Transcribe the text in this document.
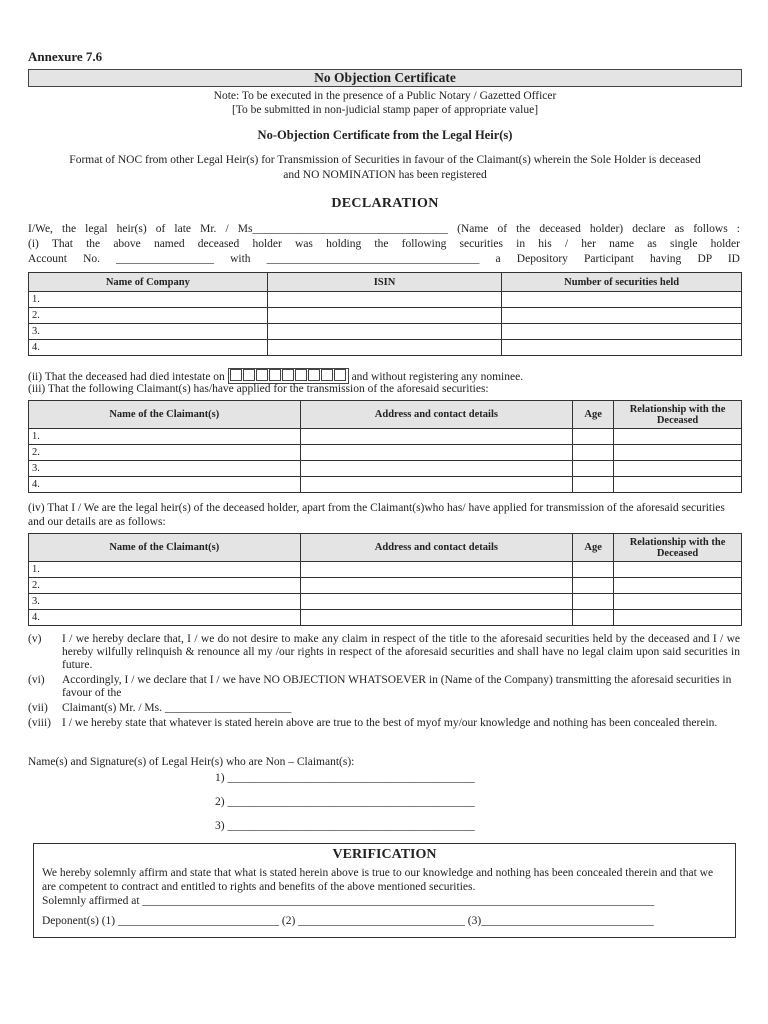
Annexure 7.6
No Objection Certificate
Note: To be executed in the presence of a Public Notary / Gazetted Officer
[To be submitted in non-judicial stamp paper of appropriate value]
No-Objection Certificate from the Legal Heir(s)
Format of NOC from other Legal Heir(s) for Transmission of Securities in favour of the Claimant(s) wherein the Sole Holder is deceased
and NO NOMINATION has been registered
DECLARATION
I/We, the legal heir(s) of late Mr. / Ms__________________________________ (Name of the deceased holder) declare as follows :
(i) That the above named deceased holder was holding the following securities in his / her name as single holder
Account No. _________________ with _____________________________________ a Depository Participant having DP ID
Name of Company	ISIN	Number of securities held
1.		
2.		
3.		
4.		
(ii) That the deceased had died intestate on	and without registering any nominee.
(iii) That the following Claimant(s) has/have applied for the transmission of the aforesaid securities:
Name of the Claimant(s)	Address and contact details	Age	Relationship with the Deceased
1.			
2.			
3.			
4.			
(iv) That I / We are the legal heir(s) of the deceased holder, apart from the Claimant(s)who has/ have applied for transmission of the aforesaid securities and our details are as follows:
Name of the Claimant(s)	Address and contact details	Age	Relationship with the Deceased
1.			
2.			
3.			
4.			
(v)	I / we hereby declare that, I / we do not desire to make any claim in respect of the title to the aforesaid securities held by the deceased and I / we hereby wilfully relinquish & renounce all my /our rights in respect of the aforesaid securities and shall have no legal claim upon said securities in future.
(vi)	Accordingly, I / we declare that I / we have NO OBJECTION WHATSOEVER in (Name of the Company) transmitting the aforesaid securities in favour of the
(vii)	Claimant(s) Mr. / Ms. ______________________
(viii) I / we hereby state that whatever is stated herein above are true to the best of myof my/our knowledge and nothing has been concealed therein.
Name(s) and Signature(s) of Legal Heir(s) who are Non – Claimant(s):
1) ___________________________________________
2) ___________________________________________
3) ___________________________________________
VERIFICATION
We hereby solemnly affirm and state that what is stated herein above is true to our knowledge and nothing has been concealed therein and that we are competent to contract and entitled to rights and benefits of the above mentioned securities.
Solemnly affirmed at _________________________________________________________________________________________
Deponent(s) (1) ____________________________ (2) _____________________________ (3)______________________________
